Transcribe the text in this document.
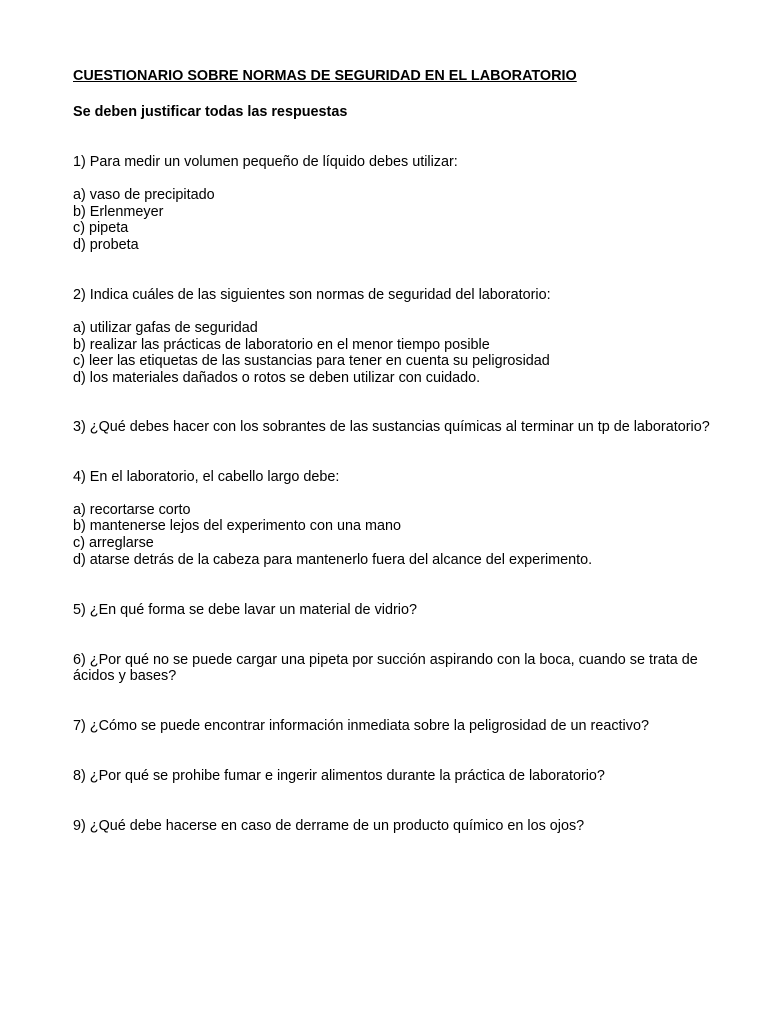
CUESTIONARIO SOBRE NORMAS DE SEGURIDAD EN EL LABORATORIO

Se deben justificar todas las respuestas

1) Para medir un volumen pequeño de líquido debes utilizar:

a) vaso de precipitado

b) Erlenmeyer

c) pipeta

d) probeta

2) Indica cuáles de las siguientes son normas de seguridad del laboratorio:

a) utilizar gafas de seguridad

b) realizar las prácticas de laboratorio en el menor tiempo posible

c) leer las etiquetas de las sustancias para tener en cuenta su peligrosidad

d) los materiales dañados o rotos se deben utilizar con cuidado.

3) ¿Qué debes hacer con los sobrantes de las sustancias químicas al terminar un tp de laboratorio?

4) En el laboratorio, el cabello largo debe:

a) recortarse corto

b) mantenerse lejos del experimento con una mano

c) arreglarse

d) atarse detrás de la cabeza para mantenerlo fuera del alcance del experimento.

5) ¿En qué forma se debe lavar un material de vidrio?

6) ¿Por qué no se puede cargar una pipeta por succión aspirando con la boca, cuando se trata de ácidos y bases?

7) ¿Cómo se puede encontrar información inmediata sobre la peligrosidad de un reactivo?

8) ¿Por qué se prohibe fumar e ingerir alimentos durante la práctica de laboratorio?

9) ¿Qué debe hacerse en caso de derrame de un producto químico en los ojos?
